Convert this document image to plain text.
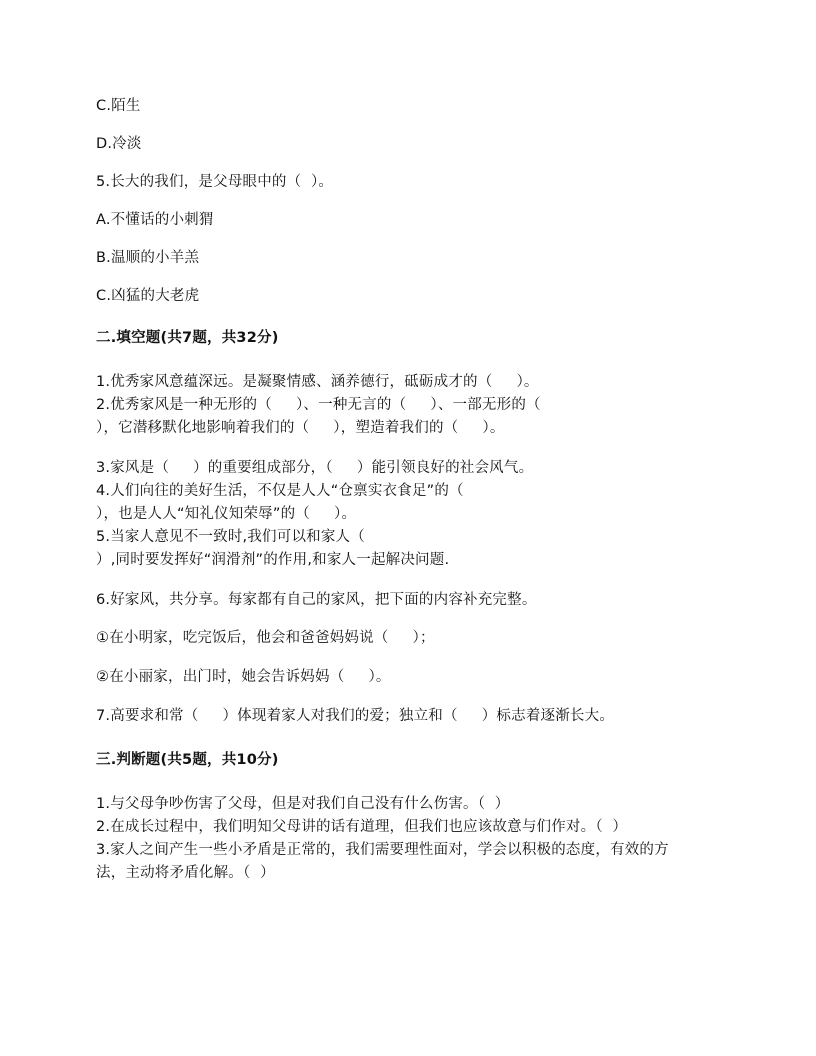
C.陌生
D.冷淡
5.长大的我们，是父母眼中的（  ）。
A.不懂话的小刺猬
B.温顺的小羊羔
C.凶猛的大老虎
二.填空题(共7题，共32分)
1.优秀家风意蕴深远。是凝聚情感、涵养德行，砥砺成才的（     ）。
2.优秀家风是一种无形的（     ）、一种无言的（     ）、一部无形的（
），它潜移默化地影响着我们的（     ），塑造着我们的（     ）。
3.家风是（     ）的重要组成部分，（     ）能引领良好的社会风气。
4.人们向往的美好生活，不仅是人人“仓禀实衣食足”的（
），也是人人“知礼仪知荣辱”的（     ）。
5.当家人意见不一致时,我们可以和家人（
）,同时要发挥好“润滑剂”的作用,和家人一起解决问题.
6.好家风，共分享。每家都有自己的家风，把下面的内容补充完整。
①在小明家，吃完饭后，他会和爸爸妈妈说（     ）；
②在小丽家，出门时，她会告诉妈妈（     ）。
7.高要求和常（     ）体现着家人对我们的爱；独立和（     ）标志着逐渐长大。
三.判断题(共5题，共10分)
1.与父母争吵伤害了父母，但是对我们自己没有什么伤害。（  ）
2.在成长过程中，我们明知父母讲的话有道理，但我们也应该故意与们作对。（  ）
3.家人之间产生一些小矛盾是正常的，我们需要理性面对，学会以积极的态度，有效的方
法，主动将矛盾化解。（  ）
